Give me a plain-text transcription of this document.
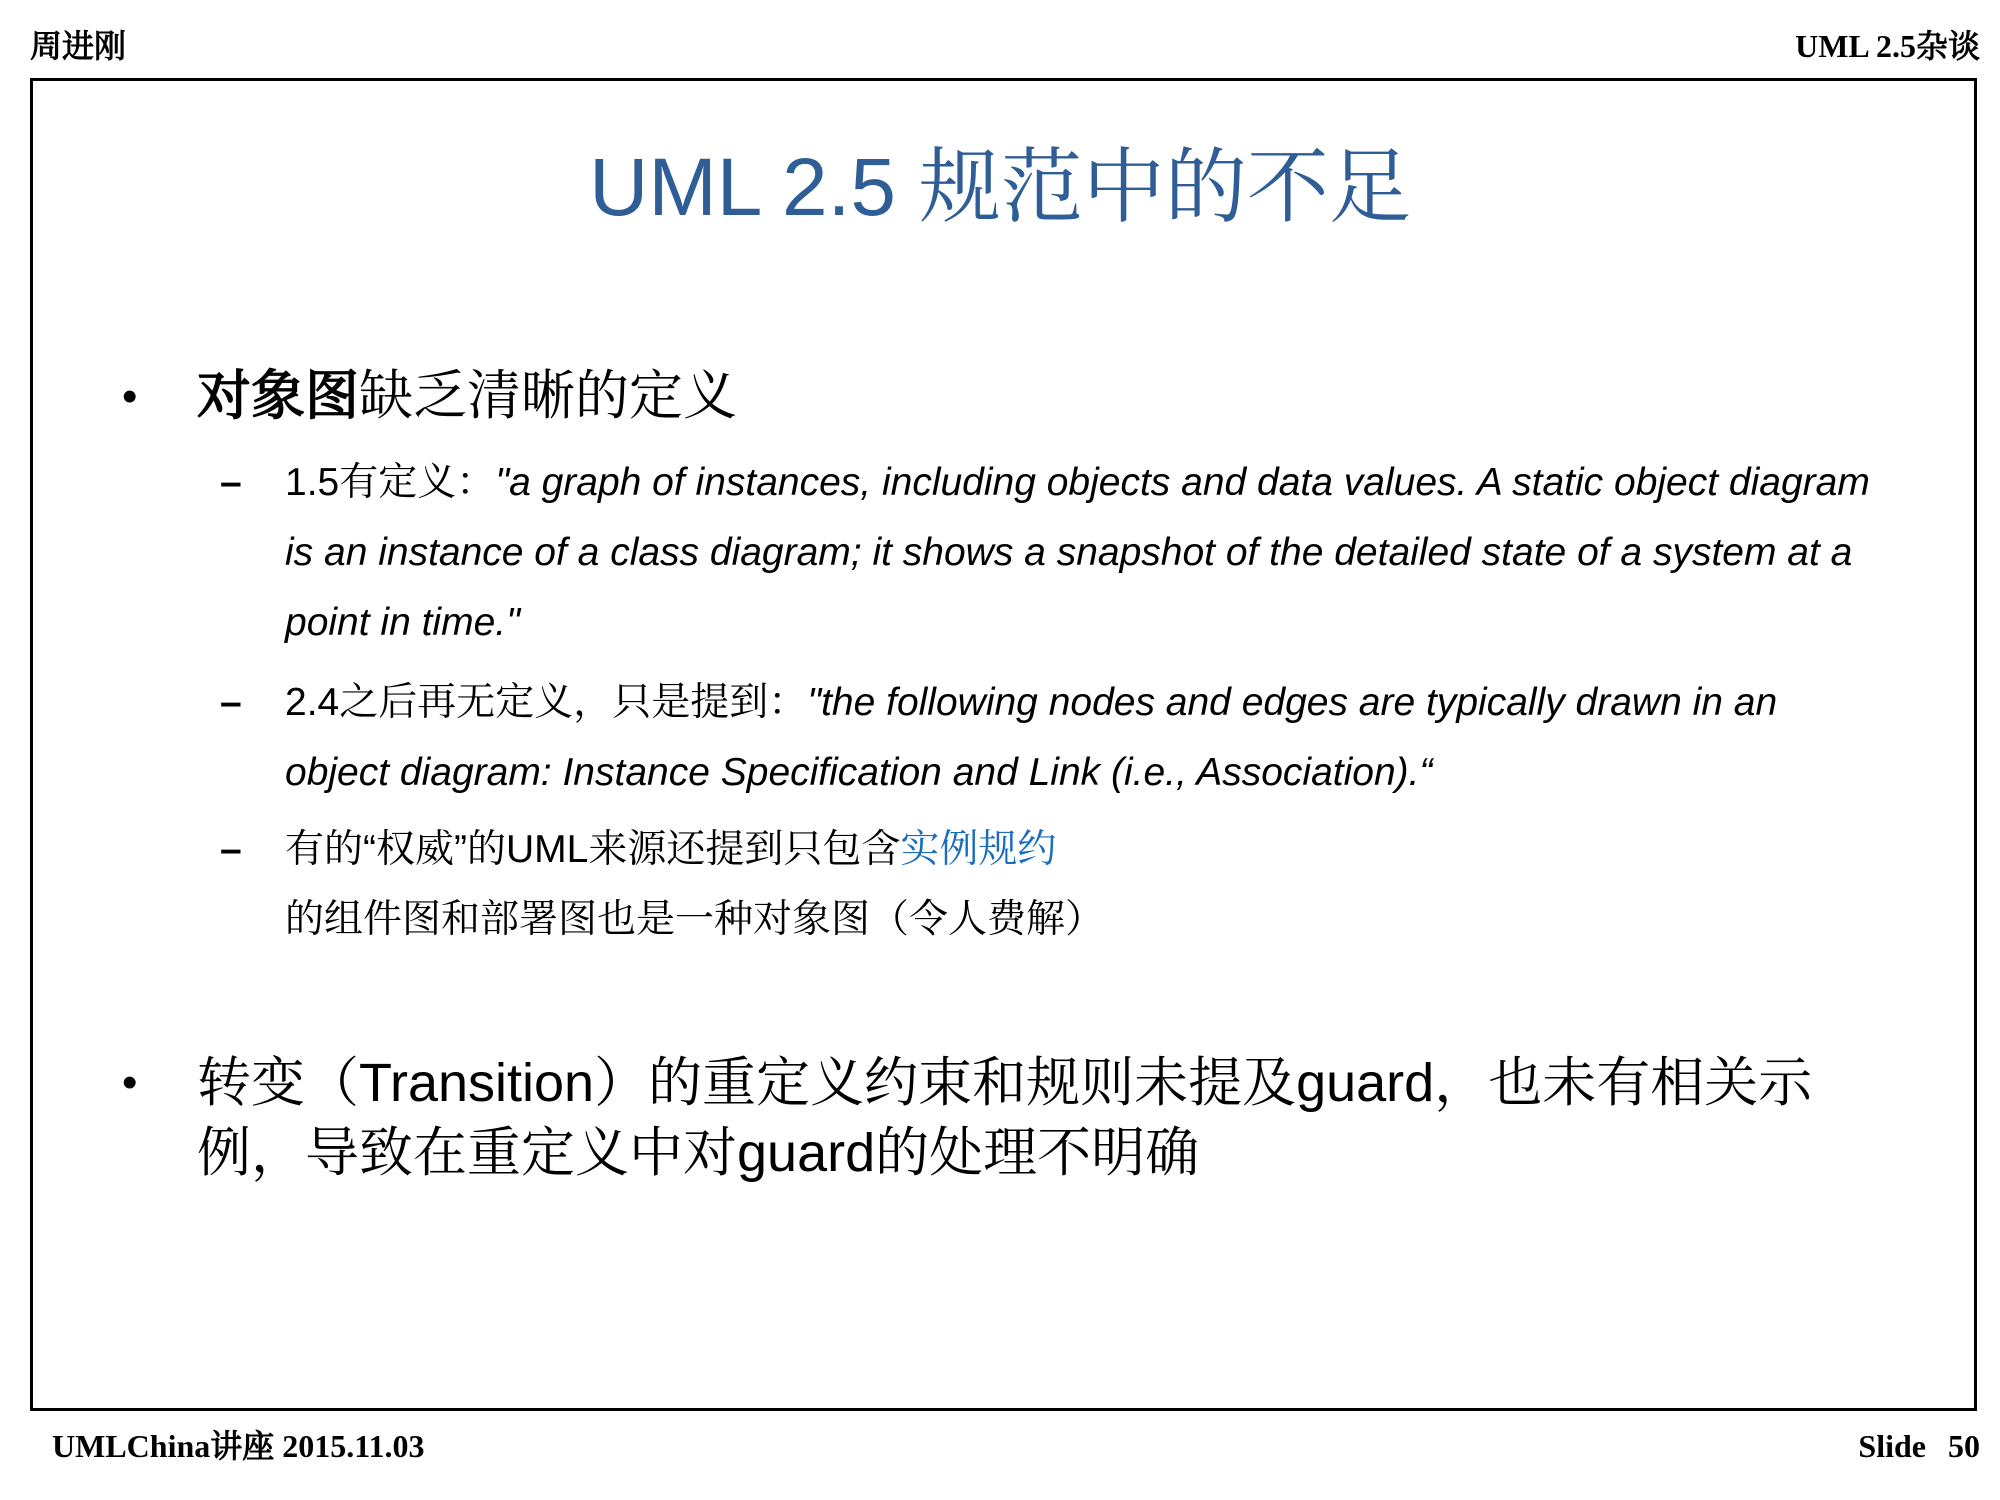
周进刚	UML 2.5杂谈
UML 2.5 规范中的不足
• 对象图缺乏清晰的定义
– 1.5有定义："a graph of instances, including objects and data values. A static object diagram is an instance of a class diagram; it shows a snapshot of the detailed state of a system at a point in time."
– 2.4之后再无定义，只是提到："the following nodes and edges are typically drawn in an object diagram: Instance Specification and Link (i.e., Association).“
– 有的“权威”的UML来源还提到只包含实例规约的组件图和部署图也是一种对象图（令人费解）
• 转变（Transition）的重定义约束和规则未提及guard，也未有相关示例，导致在重定义中对guard的处理不明确
UMLChina讲座 2015.11.03	Slide 50
